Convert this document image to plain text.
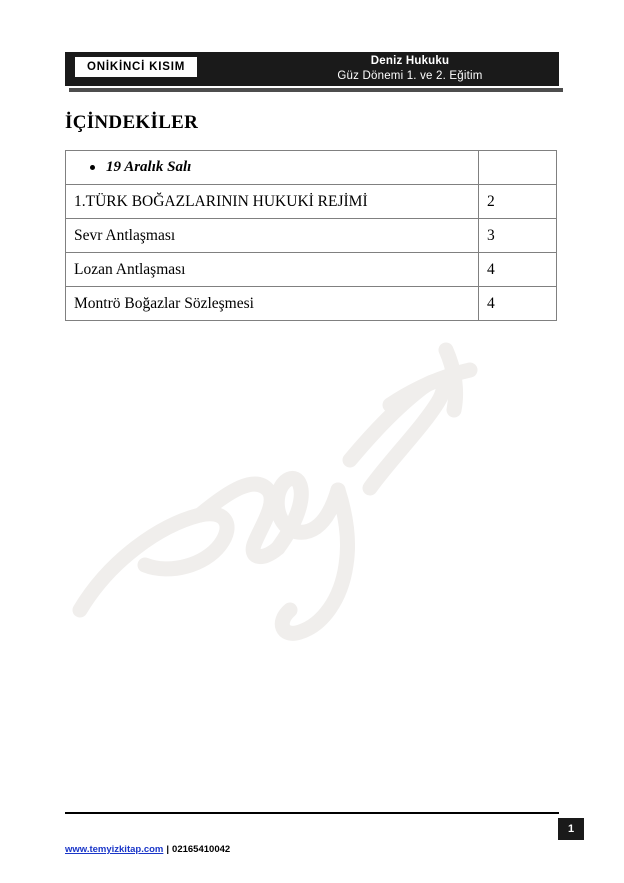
ONİKİNCİ KISIM	Deniz Hukuku
Güz Dönemi 1. ve 2. Eğitim
İÇİNDEKİLER
19 Aralık Salı	

1.TÜRK BOĞAZLARININ HUKUKİ REJİMİ	2
Sevr Antlaşması	3
Lozan Antlaşması	4
Montrö Boğazlar Sözleşmesi	4
1
www.temyizkitap.com | 02165410042
